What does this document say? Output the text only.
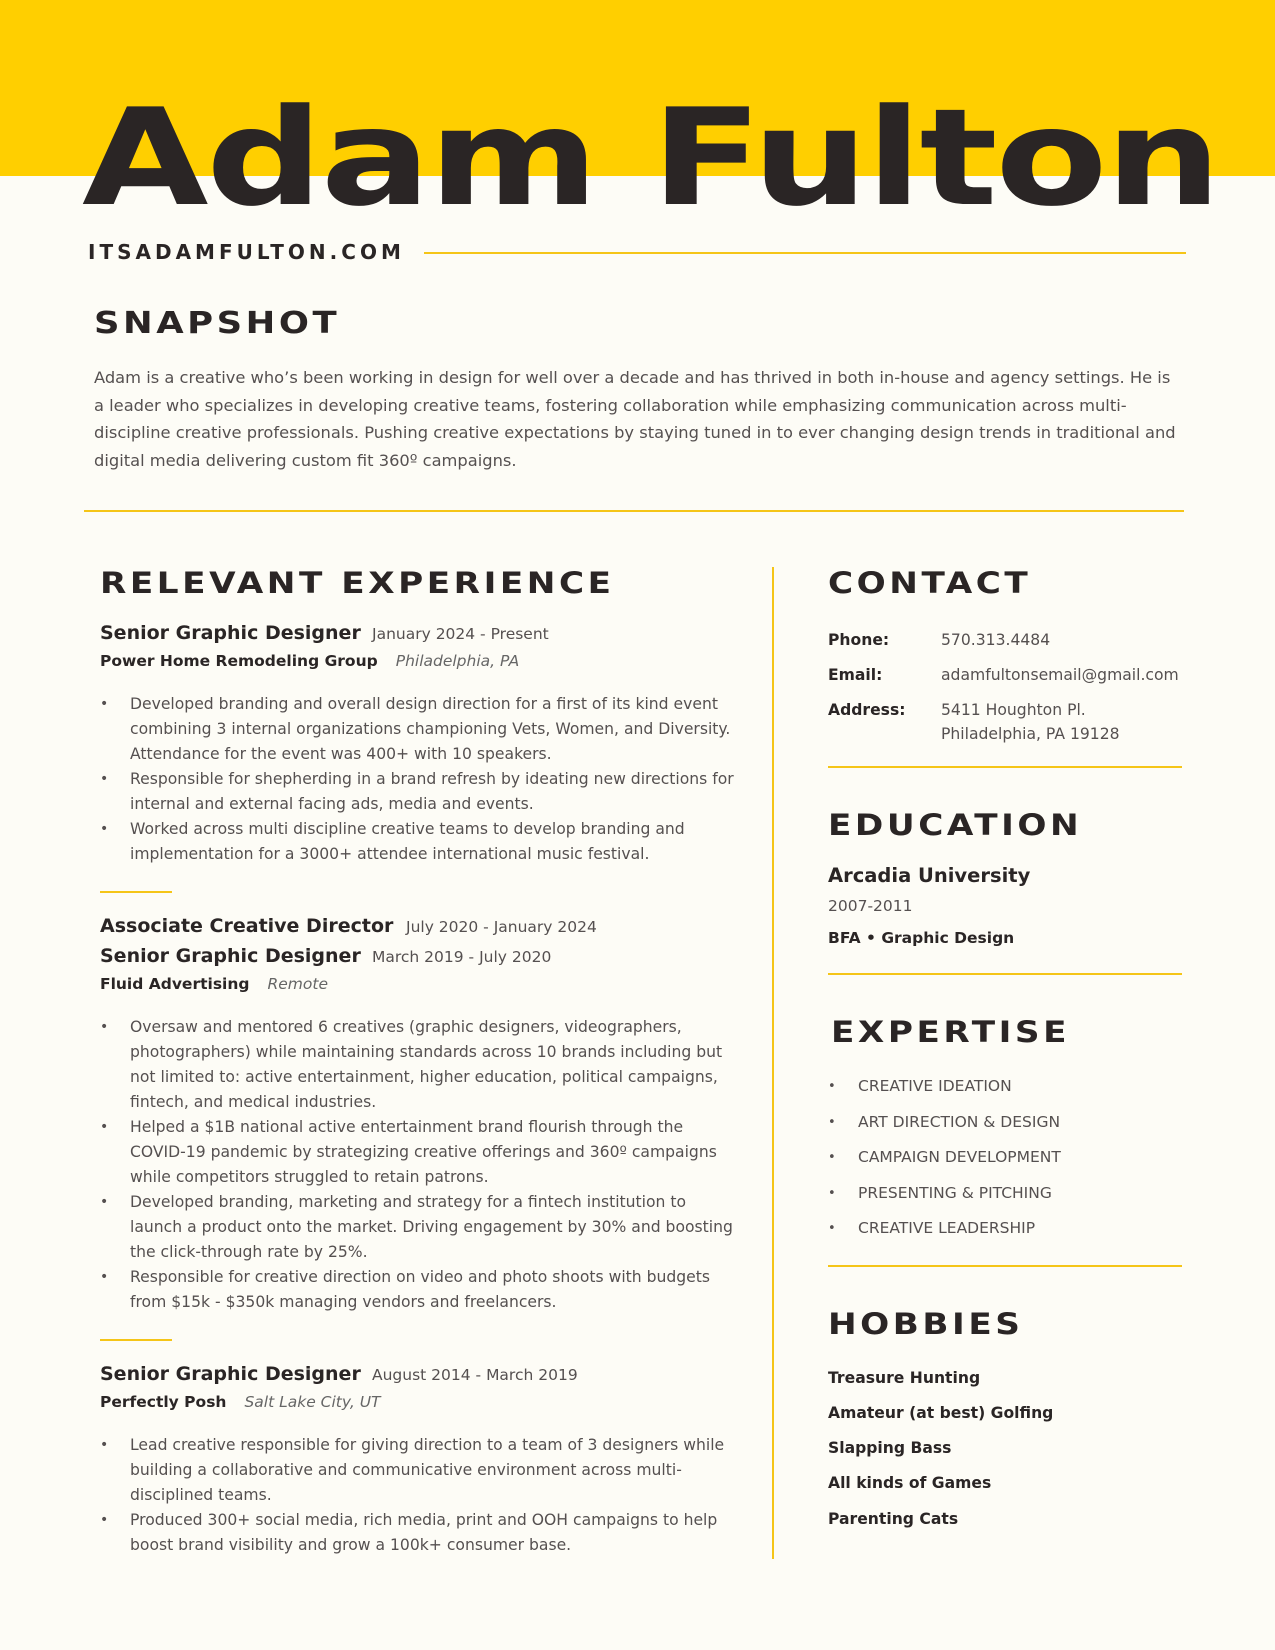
Adam Fulton
ITSADAMFULTON.COM
SNAPSHOT

Adam is a creative who’s been working in design for well over a decade and has thrived in both in-house and agency settings. He is a leader who specializes in developing creative teams, fostering collaboration while emphasizing communication across multi-discipline creative professionals. Pushing creative expectations by staying tuned in to ever changing design trends in traditional and digital media delivering custom fit 360º campaigns.

RELEVANT EXPERIENCE
Senior Graphic Designer January 2024 - Present
Power Home Remodeling Group Philadelphia, PA
• Developed branding and overall design direction for a first of its kind event combining 3 internal organizations championing Vets, Women, and Diversity. Attendance for the event was 400+ with 10 speakers.
• Responsible for shepherding in a brand refresh by ideating new directions for internal and external facing ads, media and events.
• Worked across multi discipline creative teams to develop branding and implementation for a 3000+ attendee international music festival.
Associate Creative Director July 2020 - January 2024
Senior Graphic Designer March 2019 - July 2020
Fluid Advertising Remote
• Oversaw and mentored 6 creatives (graphic designers, videographers, photographers) while maintaining standards across 10 brands including but not limited to: active entertainment, higher education, political campaigns, fintech, and medical industries.
• Helped a $1B national active entertainment brand flourish through the COVID-19 pandemic by strategizing creative offerings and 360º campaigns while competitors struggled to retain patrons.
• Developed branding, marketing and strategy for a fintech institution to launch a product onto the market. Driving engagement by 30% and boosting the click-through rate by 25%.
• Responsible for creative direction on video and photo shoots with budgets from $15k - $350k managing vendors and freelancers.
Senior Graphic Designer August 2014 - March 2019
Perfectly Posh Salt Lake City, UT
• Lead creative responsible for giving direction to a team of 3 designers while building a collaborative and communicative environment across multi-disciplined teams.
• Produced 300+ social media, rich media, print and OOH campaigns to help boost brand visibility and grow a 100k+ consumer base.
CONTACT
Phone:	570.313.4484
Email:	adamfultonsemail@gmail.com
Address:	5411 Houghton Pl.
Philadelphia, PA 19128
EDUCATION
Arcadia University
2007-2011
BFA • Graphic Design
EXPERTISE
• CREATIVE IDEATION
• ART DIRECTION & DESIGN
• CAMPAIGN DEVELOPMENT
• PRESENTING & PITCHING
• CREATIVE LEADERSHIP
HOBBIES
Treasure Hunting
Amateur (at best) Golfing
Slapping Bass
All kinds of Games
Parenting Cats
